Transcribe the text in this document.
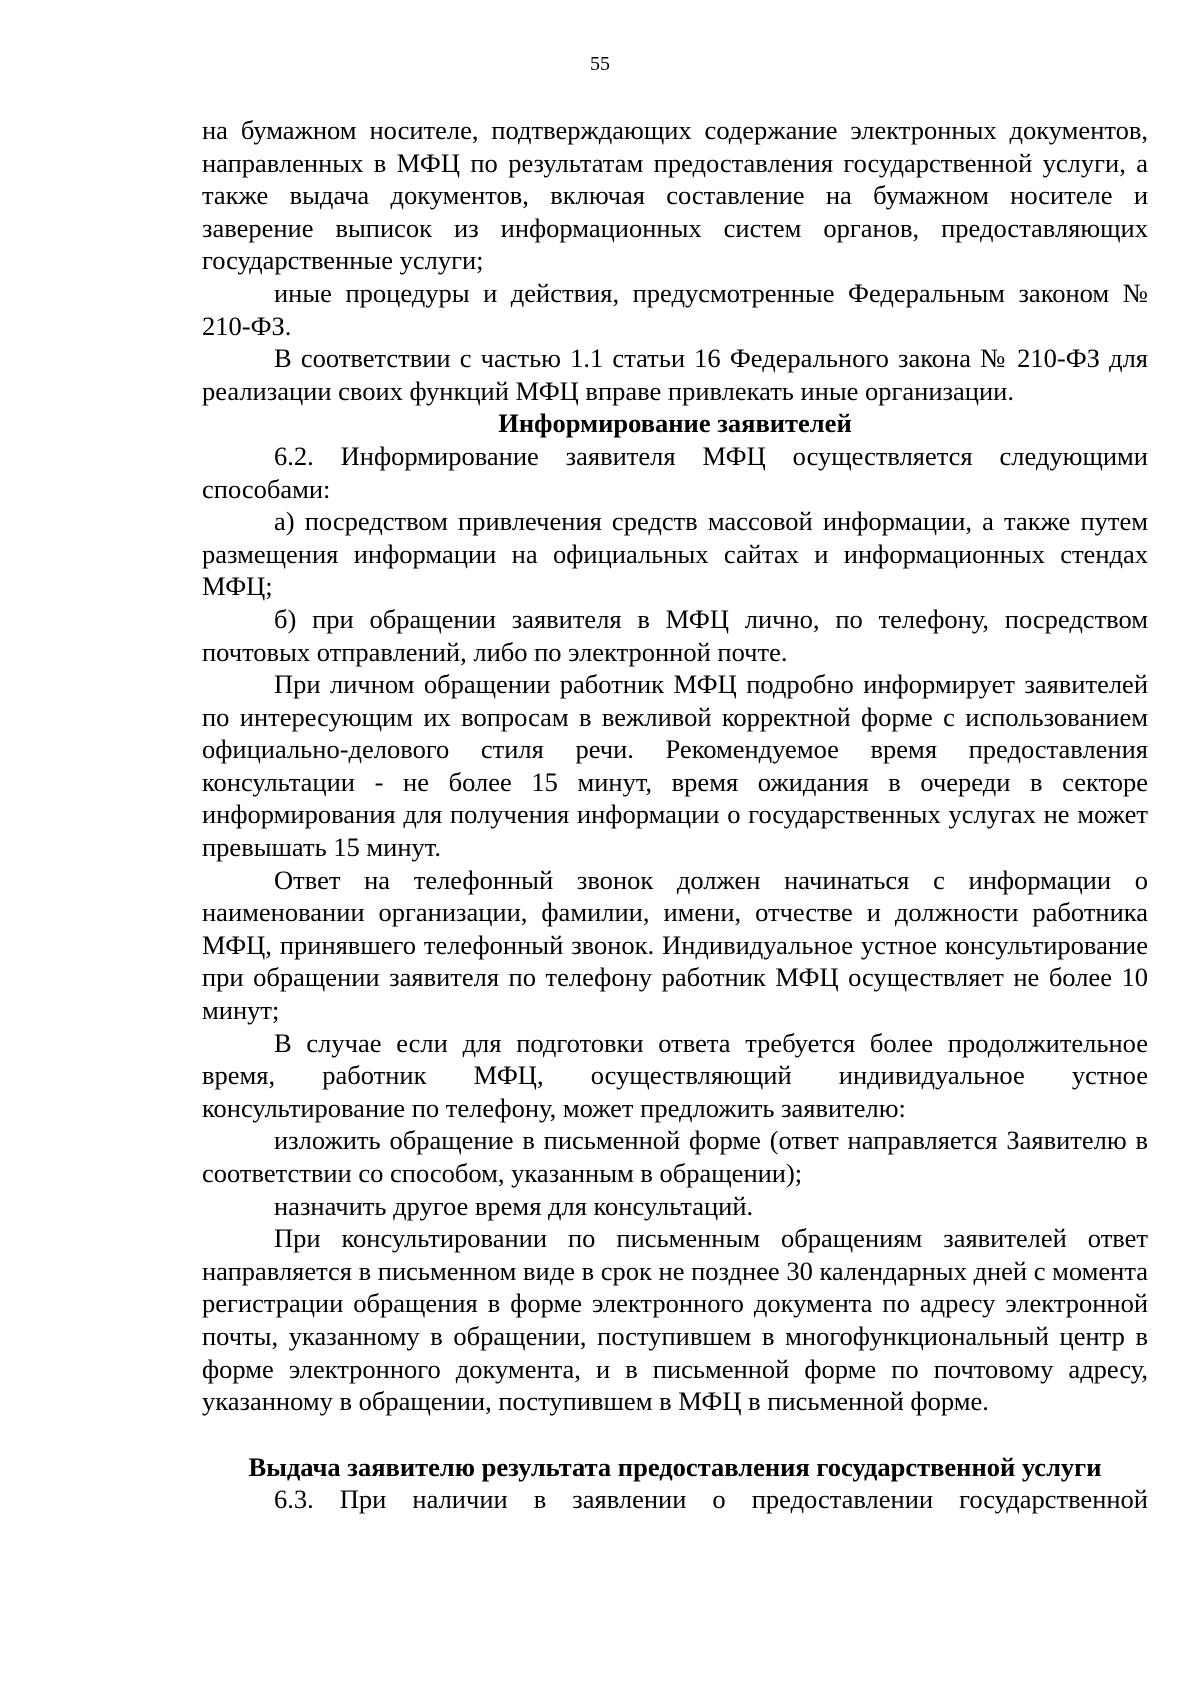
55

на бумажном носителе, подтверждающих содержание электронных документов, направленных в МФЦ по результатам предоставления государственной услуги, а также выдача документов, включая составление на бумажном носителе и заверение выписок из информационных систем органов, предоставляющих государственные услуги;

иные процедуры и действия, предусмотренные Федеральным законом № 210-ФЗ.

В соответствии с частью 1.1 статьи 16 Федерального закона № 210-ФЗ для реализации своих функций МФЦ вправе привлекать иные организации.

Информирование заявителей

6.2. Информирование заявителя МФЦ осуществляется следующими способами:

а) посредством привлечения средств массовой информации, а также путем размещения информации на официальных сайтах и информационных стендах МФЦ;

б) при обращении заявителя в МФЦ лично, по телефону, посредством почтовых отправлений, либо по электронной почте.

При личном обращении работник МФЦ подробно информирует заявителей по интересующим их вопросам в вежливой корректной форме с использованием официально-делового стиля речи. Рекомендуемое время предоставления консультации - не более 15 минут, время ожидания в очереди в секторе информирования для получения информации о государственных услугах не может превышать 15 минут.

Ответ на телефонный звонок должен начинаться с информации о наименовании организации, фамилии, имени, отчестве и должности работника МФЦ, принявшего телефонный звонок. Индивидуальное устное консультирование при обращении заявителя по телефону работник МФЦ осуществляет не более 10 минут;

В случае если для подготовки ответа требуется более продолжительное время, работник МФЦ, осуществляющий индивидуальное устное консультирование по телефону, может предложить заявителю:

изложить обращение в письменной форме (ответ направляется Заявителю в соответствии со способом, указанным в обращении);

назначить другое время для консультаций.

При консультировании по письменным обращениям заявителей ответ направляется в письменном виде в срок не позднее 30 календарных дней с момента регистрации обращения в форме электронного документа по адресу электронной почты, указанному в обращении, поступившем в многофункциональный центр в форме электронного документа, и в письменной форме по почтовому адресу, указанному в обращении, поступившем в МФЦ в письменной форме.

Выдача заявителю результата предоставления государственной услуги

6.3. При наличии в заявлении о предоставлении государственной
